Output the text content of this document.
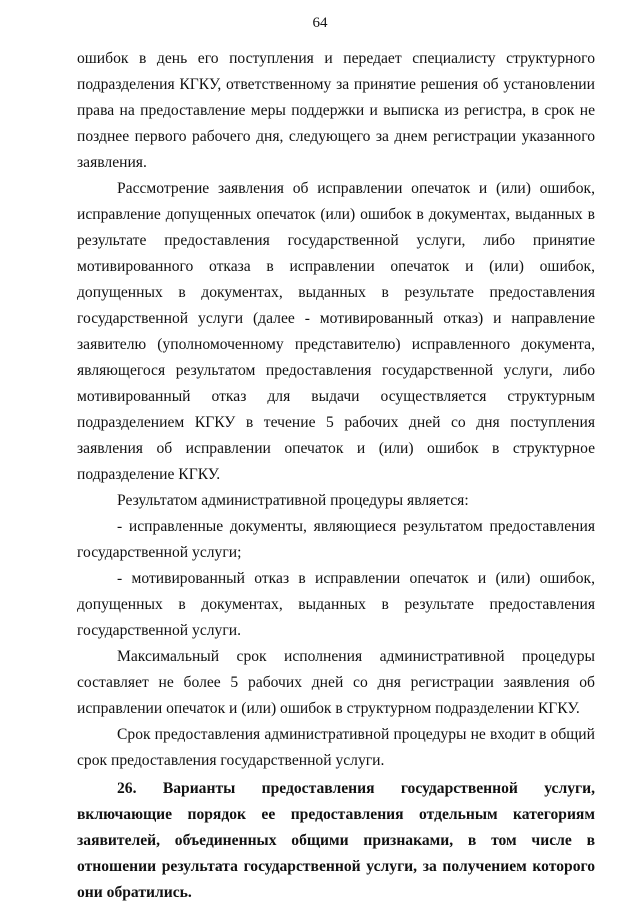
64

ошибок в день его поступления и передает специалисту структурного подразделения КГКУ, ответственному за принятие решения об установлении права на предоставление меры поддержки и выписка из регистра, в срок не позднее первого рабочего дня, следующего за днем регистрации указанного заявления.

Рассмотрение заявления об исправлении опечаток и (или) ошибок, исправление допущенных опечаток (или) ошибок в документах, выданных в результате предоставления государственной услуги, либо принятие мотивированного отказа в исправлении опечаток и (или) ошибок, допущенных в документах, выданных в результате предоставления государственной услуги (далее - мотивированный отказ) и направление заявителю (уполномоченному представителю) исправленного документа, являющегося результатом предоставления государственной услуги, либо мотивированный отказ для выдачи осуществляется структурным подразделением КГКУ в течение 5 рабочих дней со дня поступления заявления об исправлении опечаток и (или) ошибок в структурное подразделение КГКУ.

Результатом административной процедуры является:

- исправленные документы, являющиеся результатом предоставления государственной услуги;

- мотивированный отказ в исправлении опечаток и (или) ошибок, допущенных в документах, выданных в результате предоставления государственной услуги.

Максимальный срок исполнения административной процедуры составляет не более 5 рабочих дней со дня регистрации заявления об исправлении опечаток и (или) ошибок в структурном подразделении КГКУ.

Срок предоставления административной процедуры не входит в общий срок предоставления государственной услуги.

26. Варианты предоставления государственной услуги, включающие порядок ее предоставления отдельным категориям заявителей, объединенных общими признаками, в том числе в отношении результата государственной услуги, за получением которого они обратились.
